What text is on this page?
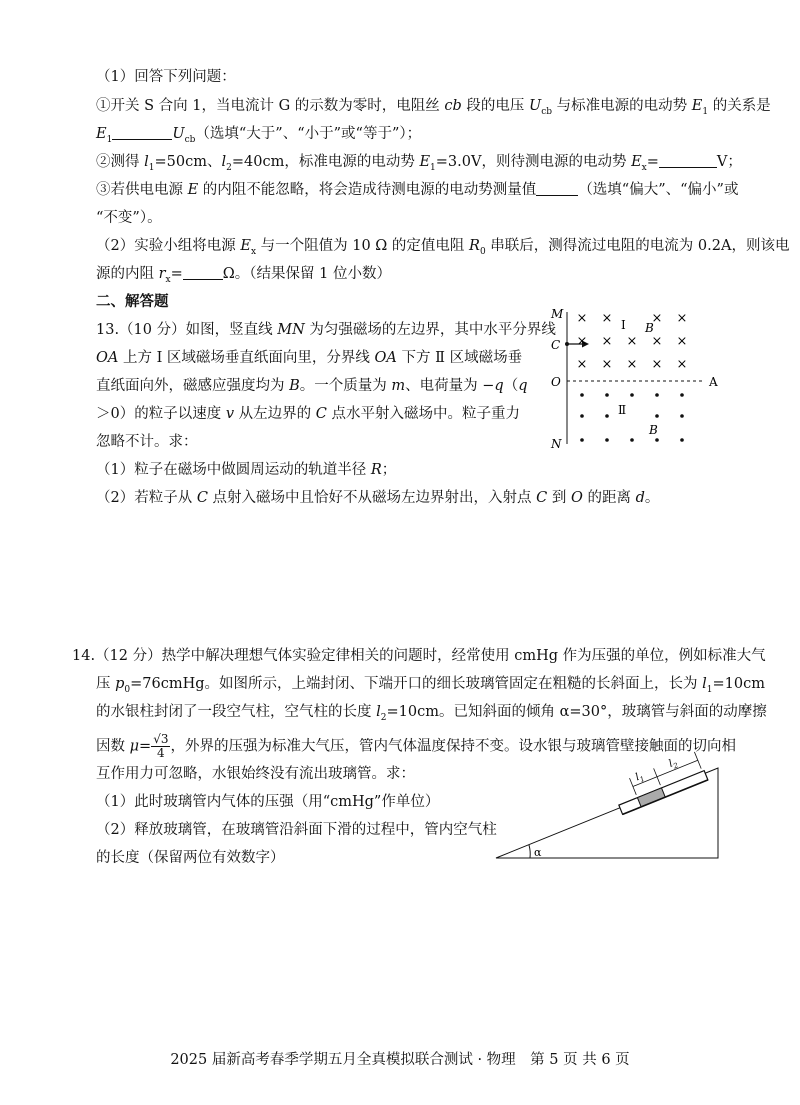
（1）回答下列问题：
①开关 S 合向 1，当电流计 G 的示数为零时，电阻丝 cb 段的电压 $U_{cb}$ 与标准电源的电动势 $E_1$ 的关系是
$E_1$	$U_{cb}$（选填“大于”、“小于”或“等于”）；
②测得 $l_1=50cm$、$l_2=40cm$，标准电源的电动势 $E_1=3.0V$，则待测电源的电动势 $E_x=$	V；
③若供电电源 E 的内阻不能忽略，将会造成待测电源的电动势测量值	（选填“偏大”、“偏小”或
“不变”）。
（2）实验小组将电源 $E_x$ 与一个阻值为 10 Ω 的定值电阻 $R_0$ 串联后，测得流过电阻的电流为 0.2A，则该电
源的内阻 $r_x=$	Ω。（结果保留 1 位小数）
二、解答题
13.（10 分）如图，竖直线 MN 为匀强磁场的左边界，其中水平分界线
OA 上方 Ⅰ 区域磁场垂直纸面向里，分界线 OA 下方 Ⅱ 区域磁场垂
直纸面向外，磁感应强度均为 B。一个质量为 m、电荷量为 −q（q
＞0）的粒子以速度 v 从左边界的 C 点水平射入磁场中。粒子重力
忽略不计。求：
（1）粒子在磁场中做圆周运动的轨道半径 R；
（2）若粒子从 C 点射入磁场中且恰好不从磁场左边界射出，入射点 C 到 O 的距离 d。
M
C
O
N
A
Ⅰ B
Ⅱ
B
× ×	× ×
× × × × ×
× × × × ×
14.（12 分）热学中解决理想气体实验定律相关的问题时，经常使用 cmHg 作为压强的单位，例如标准大气
压 $p_0=76cmHg$。如图所示，上端封闭、下端开口的细长玻璃管固定在粗糙的长斜面上，长为 $l_1=10cm$
的水银柱封闭了一段空气柱，空气柱的长度 $l_2=10cm$。已知斜面的倾角 α=30°，玻璃管与斜面的动摩擦
因数 $\mu= \frac{√3}{4}$ ，外界的压强为标准大气压，管内气体温度保持不变。设水银与玻璃管壁接触面的切向相
互作用力可忽略，水银始终没有流出玻璃管。求：
（1）此时玻璃管内气体的压强（用“cmHg”作单位）
（2）释放玻璃管，在玻璃管沿斜面下滑的过程中，管内空气柱
的长度（保留两位有效数字）	α
$l_1$
$l_2$
2025 届新高考春季学期五月全真模拟联合测试 · 物理　第 5 页 共 6 页
